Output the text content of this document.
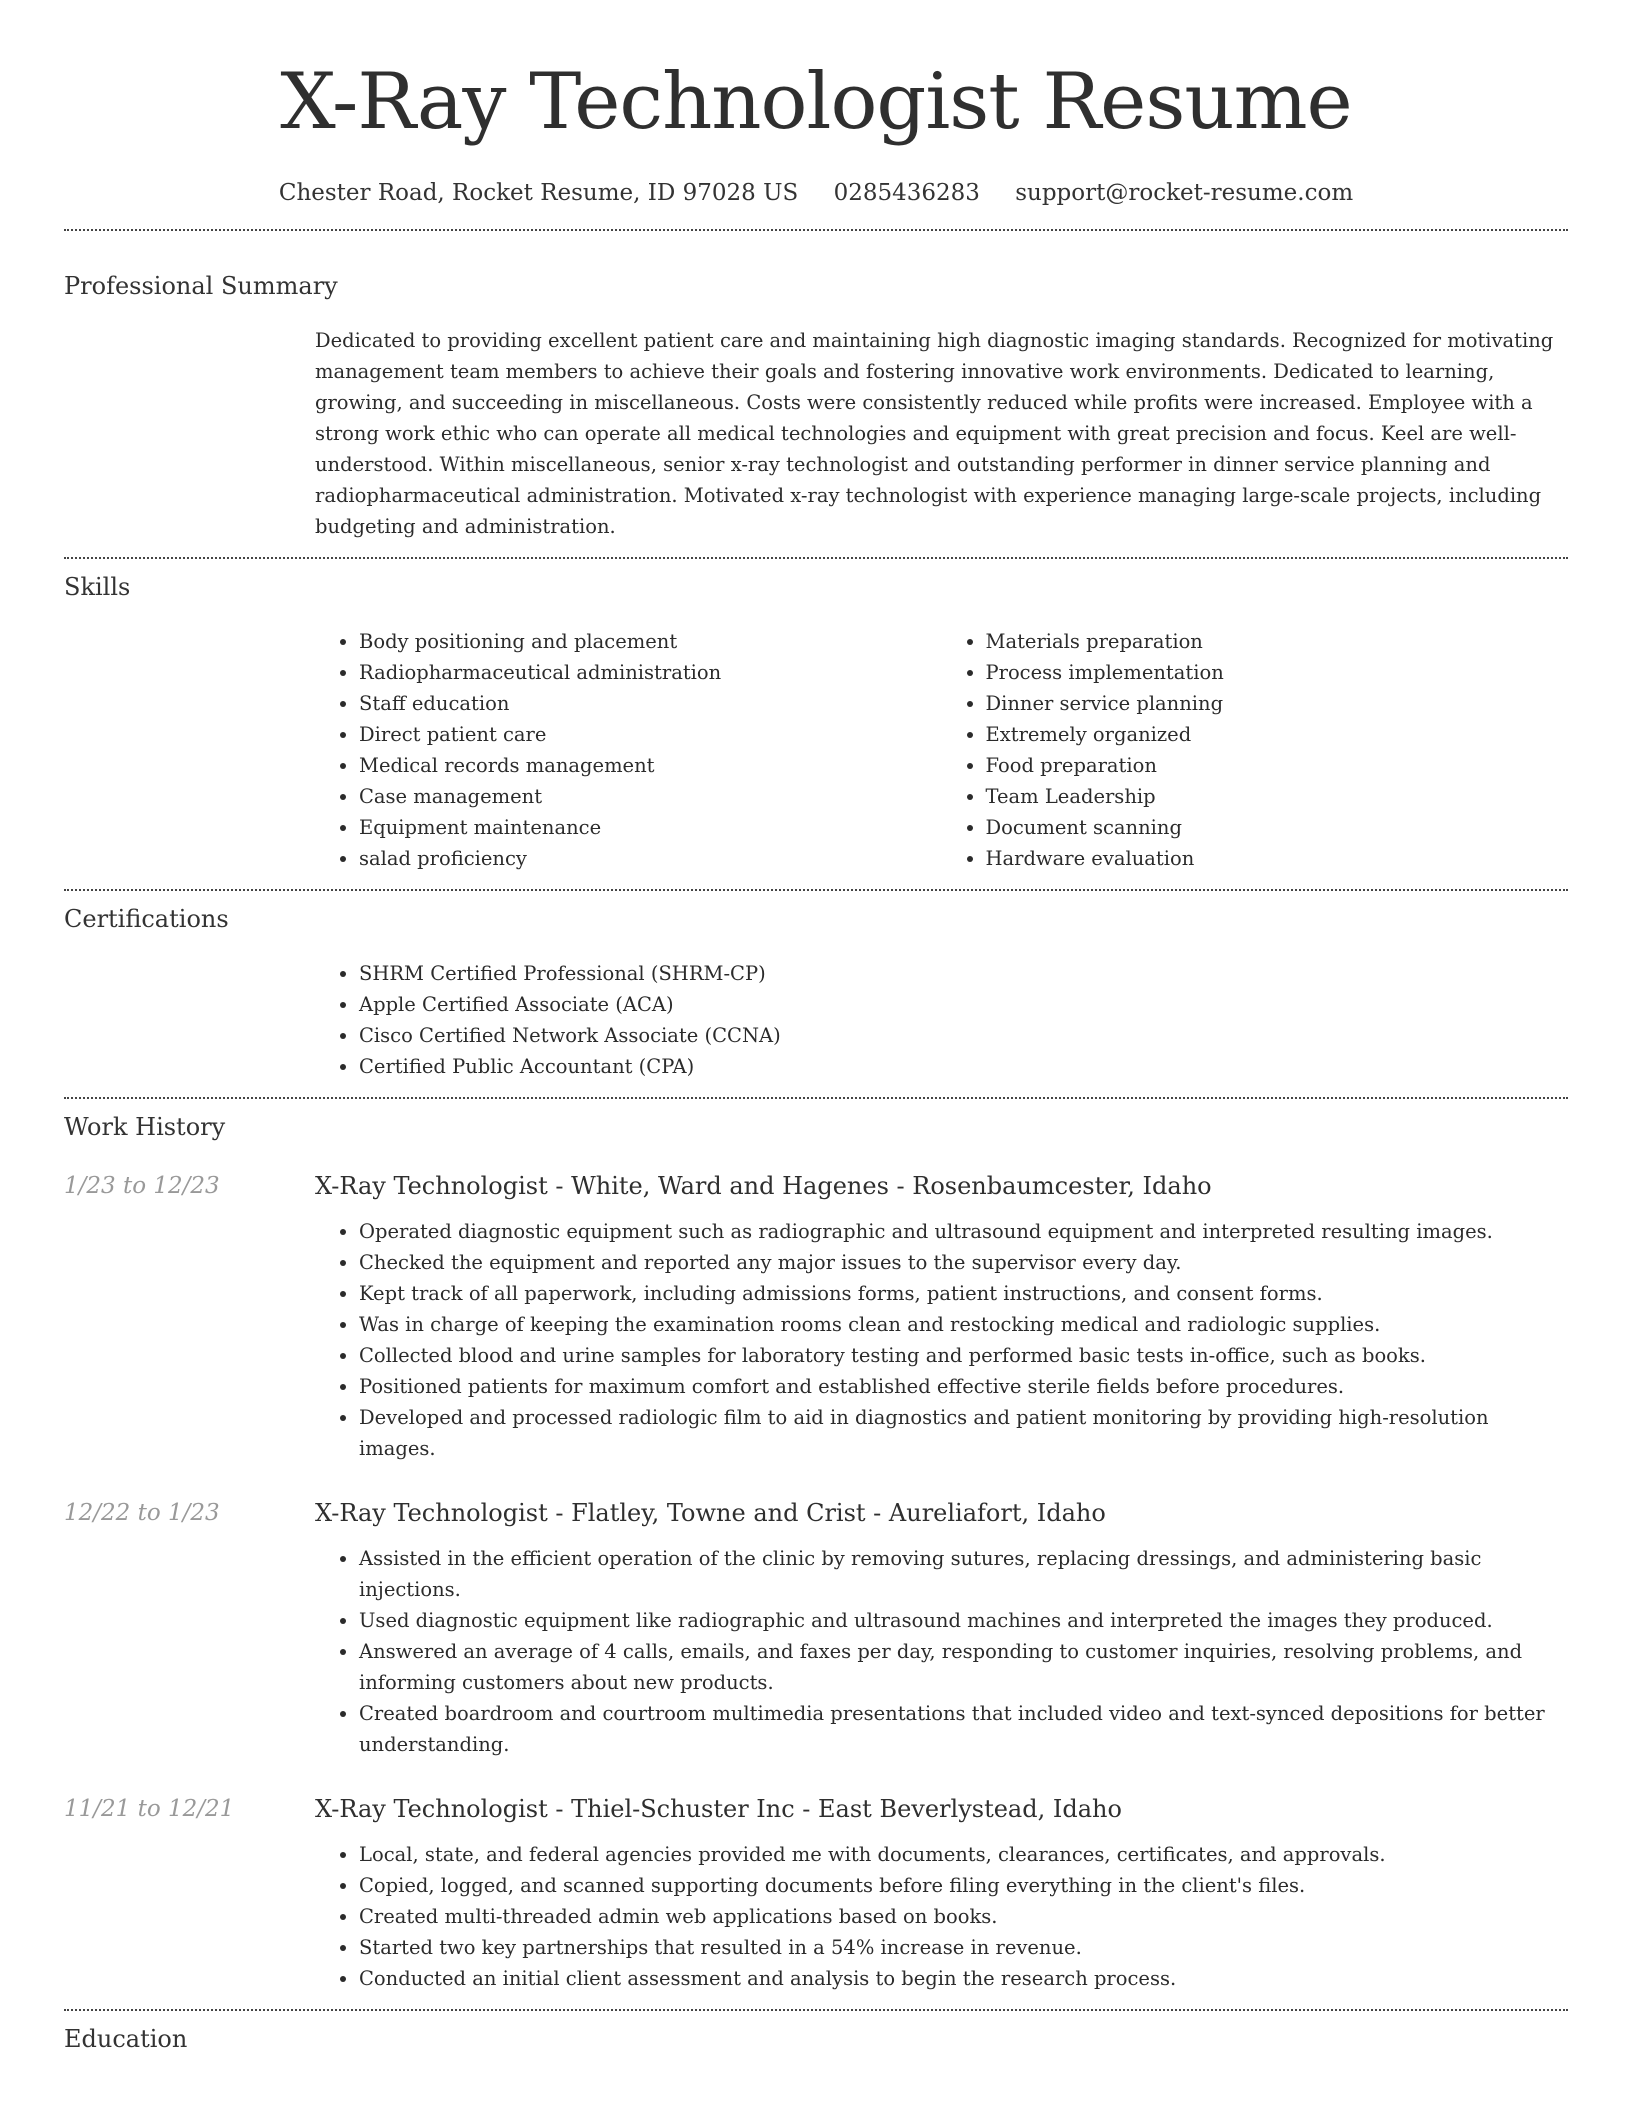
X-Ray Technologist Resume
Chester Road, Rocket Resume, ID 97028 US 0285436283 support@rocket-resume.com
Professional Summary

Dedicated to providing excellent patient care and maintaining high diagnostic imaging standards. Recognized for motivating management team members to achieve their goals and fostering innovative work environments. Dedicated to learning, growing, and succeeding in miscellaneous. Costs were consistently reduced while profits were increased. Employee with a strong work ethic who can operate all medical technologies and equipment with great precision and focus. Keel are well-understood. Within miscellaneous, senior x-ray technologist and outstanding performer in dinner service planning and radiopharmaceutical administration. Motivated x-ray technologist with experience managing large-scale projects, including budgeting and administration.

Skills
• Body positioning and placement
• Radiopharmaceutical administration
• Staff education
• Direct patient care
• Medical records management
• Case management
• Equipment maintenance
• salad proficiency
• Materials preparation
• Process implementation
• Dinner service planning
• Extremely organized
• Food preparation
• Team Leadership
• Document scanning
• Hardware evaluation
Certifications
• SHRM Certified Professional (SHRM-CP)
• Apple Certified Associate (ACA)
• Cisco Certified Network Associate (CCNA)
• Certified Public Accountant (CPA)
Work History
1/23 to 12/23	X-Ray Technologist - White, Ward and Hagenes - Rosenbaumcester, Idaho
• Operated diagnostic equipment such as radiographic and ultrasound equipment and interpreted resulting images.
• Checked the equipment and reported any major issues to the supervisor every day.
• Kept track of all paperwork, including admissions forms, patient instructions, and consent forms.
• Was in charge of keeping the examination rooms clean and restocking medical and radiologic supplies.
• Collected blood and urine samples for laboratory testing and performed basic tests in-office, such as books.
• Positioned patients for maximum comfort and established effective sterile fields before procedures.
• Developed and processed radiologic film to aid in diagnostics and patient monitoring by providing high-resolution images.
12/22 to 1/23	X-Ray Technologist - Flatley, Towne and Crist - Aureliafort, Idaho
• Assisted in the efficient operation of the clinic by removing sutures, replacing dressings, and administering basic injections.
• Used diagnostic equipment like radiographic and ultrasound machines and interpreted the images they produced.
• Answered an average of 4 calls, emails, and faxes per day, responding to customer inquiries, resolving problems, and informing customers about new products.
• Created boardroom and courtroom multimedia presentations that included video and text-synced depositions for better understanding.
11/21 to 12/21	X-Ray Technologist - Thiel-Schuster Inc - East Beverlystead, Idaho
• Local, state, and federal agencies provided me with documents, clearances, certificates, and approvals.
• Copied, logged, and scanned supporting documents before filing everything in the client's files.
• Created multi-threaded admin web applications based on books.
• Started two key partnerships that resulted in a 54% increase in revenue.
• Conducted an initial client assessment and analysis to begin the research process.
Education
